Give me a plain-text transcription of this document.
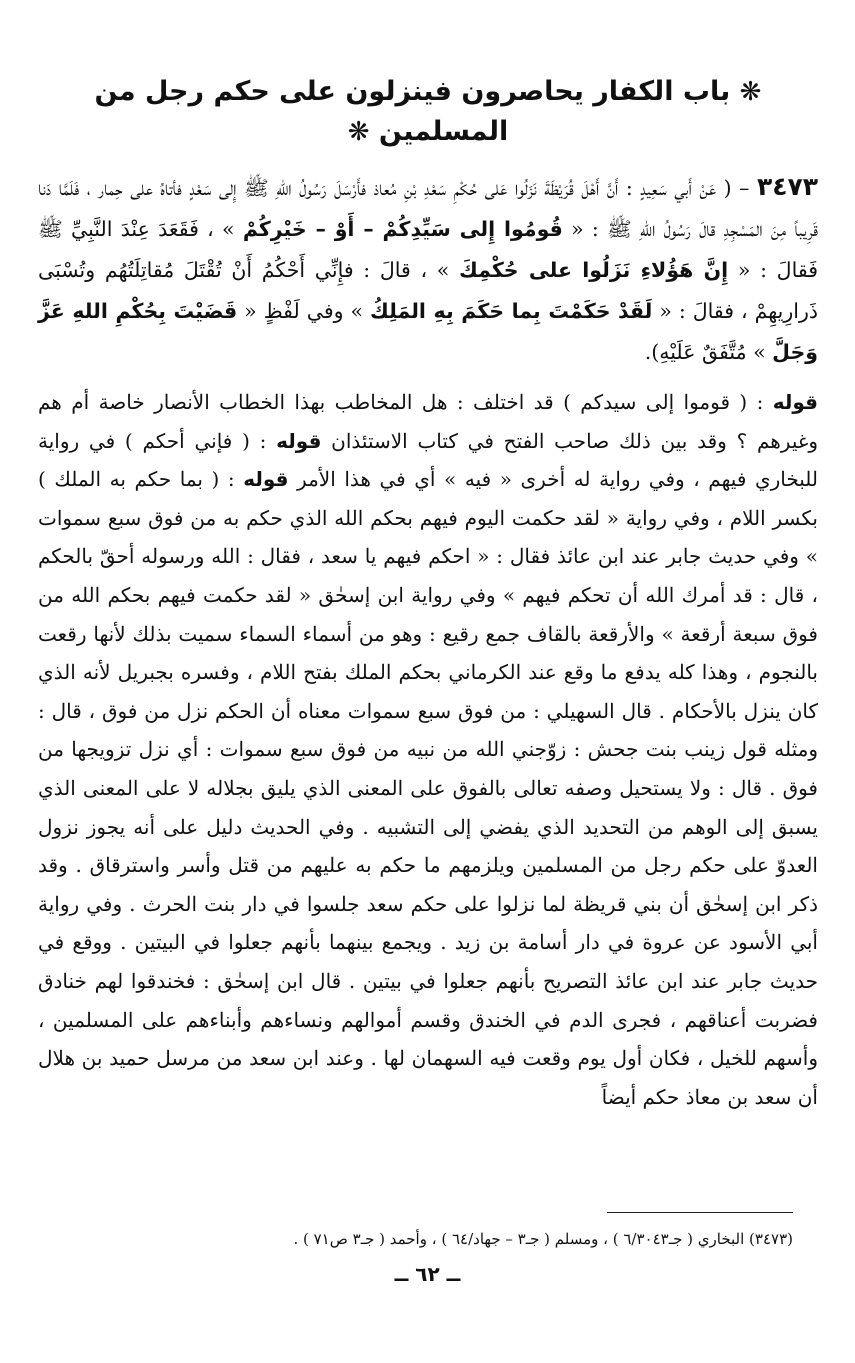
❋ باب الكفار يحاصرون فينزلون على حكم رجل من المسلمين ❋

٣٤٧٣ – ( عَنْ أَبي سَعِيدٍ : أَنَّ أَهْلَ قُرَيْظَةَ نَزَلُوا عَلى حُكْمِ سَعْدِ بْنِ مُعاذ فأَرْسَلَ رَسُولُ اللهِ ﷺ إِلى سَعْدٍ فأتاهُ على حِمار ، فَلَمَّا دَنا قَرِيباً مِنَ المَسْجِدِ قالَ رَسُولُ اللهِ ﷺ : « قُومُوا إِلى سَيِّدِكُمْ – أَوْ – خَيْرِكُمْ » ، فَقَعَدَ عِنْدَ النَّبِيِّ ﷺ فَقالَ : « إِنَّ هَؤُلاءِ نَزَلُوا على حُكْمِكَ » ، قالَ : فإِنِّي أَحْكُمُ أَنْ تُقْتَلَ مُقاتِلَتُهُم وتُسْبَى ذَرارِيهِمْ ، فقالَ : « لَقَدْ حَكَمْتَ بِما حَكَمَ بِهِ المَلِكُ » وفي لَفْظٍ « قَضَيْتَ بِحُكْمِ اللهِ عَزَّ وَجَلَّ » مُتَّفَقٌ عَلَيْهِ).

قوله : ( قوموا إلى سيدكم ) قد اختلف : هل المخاطب بهذا الخطاب الأنصار خاصة أم هم وغيرهم ؟ وقد بين ذلك صاحب الفتح في كتاب الاستئذان قوله : ( فإني أحكم ) في رواية للبخاري فيهم ، وفي رواية له أخرى « فيه » أي في هذا الأمر قوله : ( بما حكم به الملك ) بكسر اللام ، وفي رواية « لقد حكمت اليوم فيهم بحكم الله الذي حكم به من فوق سبع سموات » وفي حديث جابر عند ابن عائذ فقال : « احكم فيهم يا سعد ، فقال : الله ورسوله أحقّ بالحكم ، قال : قد أمرك الله أن تحكم فيهم » وفي رواية ابن إسحٰق « لقد حكمت فيهم بحكم الله من فوق سبعة أرقعة » والأرقعة بالقاف جمع رقيع : وهو من أسماء السماء سميت بذلك لأنها رقعت بالنجوم ، وهذا كله يدفع ما وقع عند الكرماني بحكم الملك بفتح اللام ، وفسره بجبريل لأنه الذي كان ينزل بالأحكام . قال السهيلي : من فوق سبع سموات معناه أن الحكم نزل من فوق ، قال : ومثله قول زينب بنت جحش : زوّجني الله من نبيه من فوق سبع سموات : أي نزل تزويجها من فوق . قال : ولا يستحيل وصفه تعالى بالفوق على المعنى الذي يليق بجلاله لا على المعنى الذي يسبق إلى الوهم من التحديد الذي يفضي إلى التشبيه . وفي الحديث دليل على أنه يجوز نزول العدوّ على حكم رجل من المسلمين ويلزمهم ما حكم به عليهم من قتل وأسر واسترقاق . وقد ذكر ابن إسحٰق أن بني قريظة لما نزلوا على حكم سعد جلسوا في دار بنت الحرث . وفي رواية أبي الأسود عن عروة في دار أسامة بن زيد . ويجمع بينهما بأنهم جعلوا في البيتين . ووقع في حديث جابر عند ابن عائذ التصريح بأنهم جعلوا في بيتين . قال ابن إسحٰق : فخندقوا لهم خنادق فضربت أعناقهم ، فجرى الدم في الخندق وقسم أموالهم ونساءهم وأبناءهم على المسلمين ، وأسهم للخيل ، فكان أول يوم وقعت فيه السهمان لها . وعند ابن سعد من مرسل حميد بن هلال أن سعد بن معاذ حكم أيضاً

(٣٤٧٣) البخاري ( جـ٦/٣٠٤٣ ) ، ومسلم ( جـ٣ – جهاد/٦٤ ) ، وأحمد ( جـ٣ ص٧١ ) .

ــ ٦٢ ــ
